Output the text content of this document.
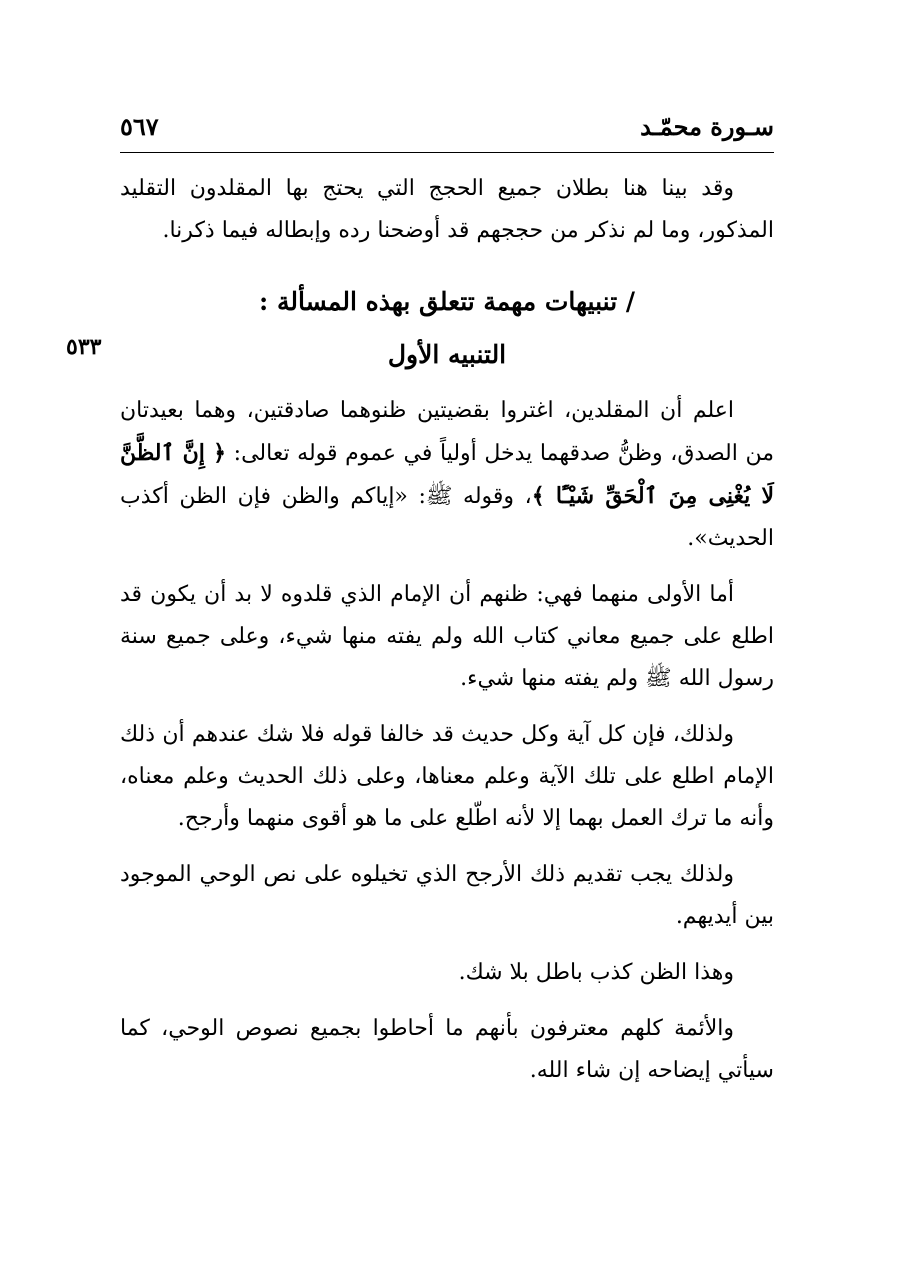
سـورة محمّـد
٥٦٧
٥٣٣

وقد بينا هنا بطلان جميع الحجج التي يحتج بها المقلدون التقليد المذكور، وما لم نذكر من حججهم قد أوضحنا رده وإبطاله فيما ذكرنا.

/ تنبيهات مهمة تتعلق بهذه المسألة :
التنبيه الأول

اعلم أن المقلدين، اغتروا بقضيتين ظنوهما صادقتين، وهما بعيدتان من الصدق، وظنُّ صدقهما يدخل أولياً في عموم قوله تعالى: ﴿ إِنَّ ٱلظَّنَّ لَا يُغْنِى مِنَ ٱلْحَقِّ شَيْـًٔا ﴾، وقوله ﷺ: «إياكم والظن فإن الظن أكذب الحديث».

أما الأولى منهما فهي: ظنهم أن الإمام الذي قلدوه لا بد أن يكون قد اطلع على جميع معاني كتاب الله ولم يفته منها شيء، وعلى جميع سنة رسول الله ﷺ ولم يفته منها شيء.

ولذلك، فإن كل آية وكل حديث قد خالفا قوله فلا شك عندهم أن ذلك الإمام اطلع على تلك الآية وعلم معناها، وعلى ذلك الحديث وعلم معناه، وأنه ما ترك العمل بهما إلا لأنه اطّلع على ما هو أقوى منهما وأرجح.

ولذلك يجب تقديم ذلك الأرجح الذي تخيلوه على نص الوحي الموجود بين أيديهم.

وهذا الظن كذب باطل بلا شك.

والأئمة كلهم معترفون بأنهم ما أحاطوا بجميع نصوص الوحي، كما سيأتي إيضاحه إن شاء الله.
